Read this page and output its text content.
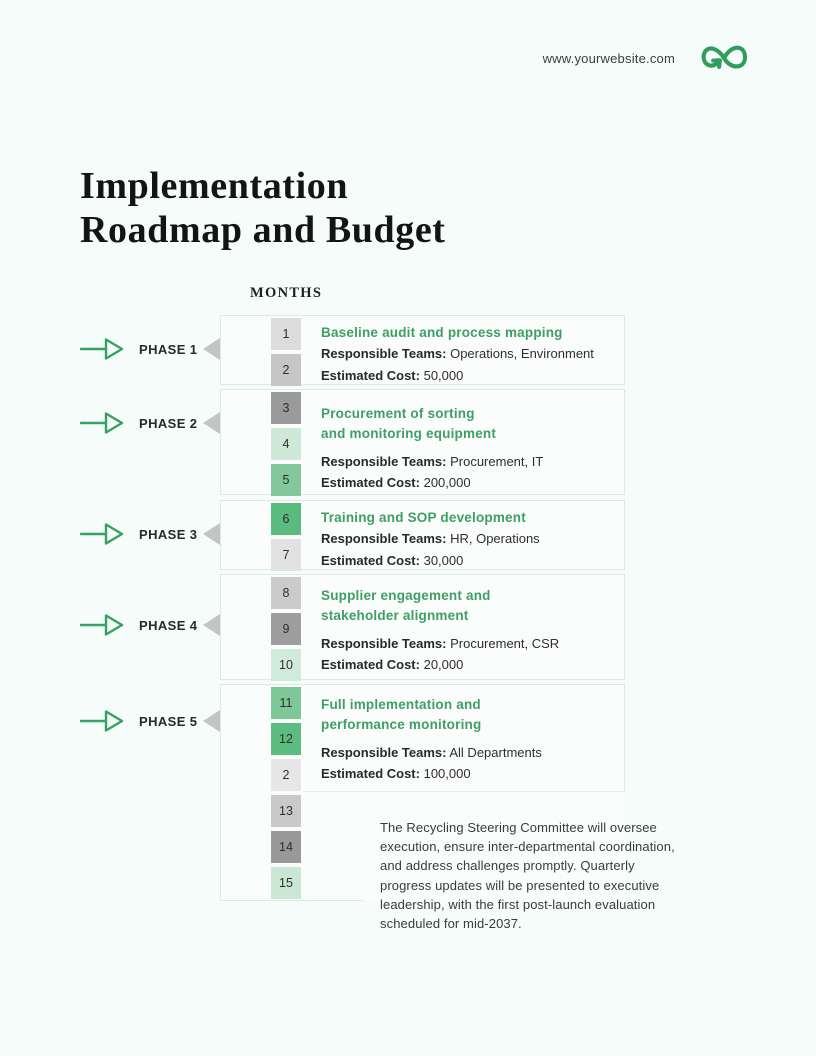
www.yourwebsite.com
Implementation
Roadmap and Budget
MONTHS
PHASE 1
PHASE 2
PHASE 3
PHASE 4
PHASE 5
1
2
Baseline audit and process mapping
Responsible Teams: Operations, Environment
Estimated Cost: 50,000
3
4
5
Procurement of sorting
and monitoring equipment
Responsible Teams: Procurement, IT
Estimated Cost: 200,000
6
7
Training and SOP development
Responsible Teams: HR, Operations
Estimated Cost: 30,000
8
9
10
Supplier engagement and
stakeholder alignment
Responsible Teams: Procurement, CSR
Estimated Cost: 20,000
11
12
2
13
14
15
Full implementation and
performance monitoring
Responsible Teams: All Departments
Estimated Cost: 100,000
The Recycling Steering Committee will oversee execution, ensure inter-departmental coordination, and address challenges promptly. Quarterly progress updates will be presented to executive leadership, with the first post-launch evaluation scheduled for mid-2037.
